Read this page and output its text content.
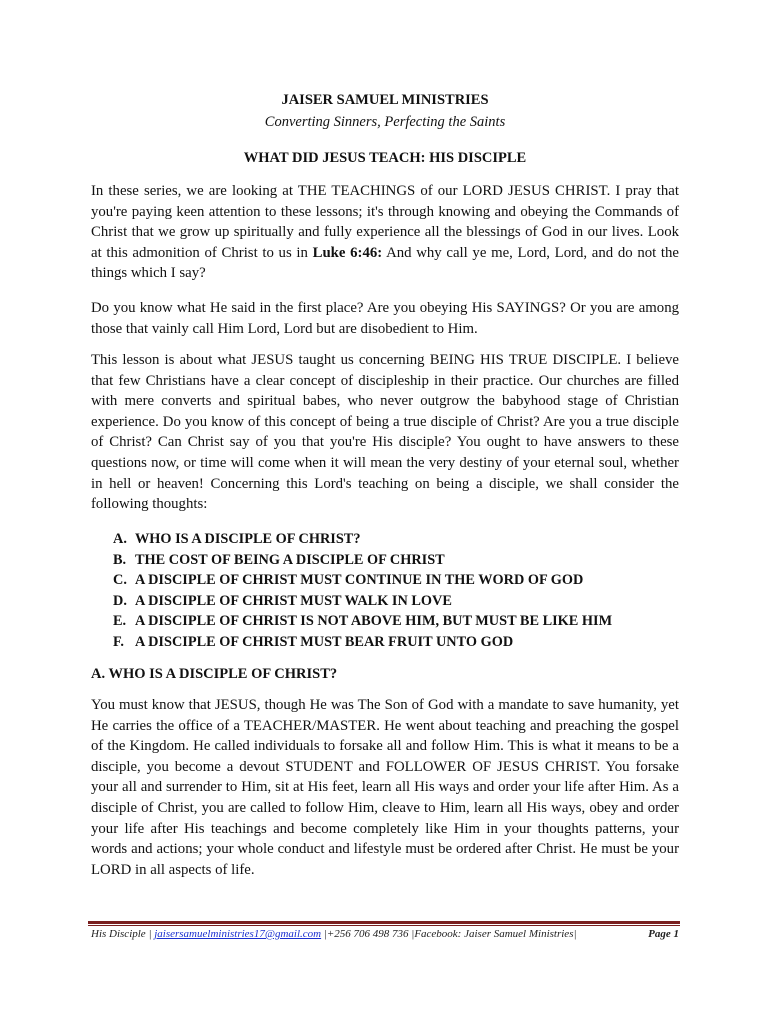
JAISER SAMUEL MINISTRIES
Converting Sinners, Perfecting the Saints
WHAT DID JESUS TEACH: HIS DISCIPLE

In these series, we are looking at THE TEACHINGS of our LORD JESUS CHRIST. I pray that you're paying keen attention to these lessons; it's through knowing and obeying the Commands of Christ that we grow up spiritually and fully experience all the blessings of God in our lives. Look at this admonition of Christ to us in Luke 6:46: And why call ye me, Lord, Lord, and do not the things which I say?

Do you know what He said in the first place? Are you obeying His SAYINGS? Or you are among those that vainly call Him Lord, Lord but are disobedient to Him.

This lesson is about what JESUS taught us concerning BEING HIS TRUE DISCIPLE. I believe that few Christians have a clear concept of discipleship in their practice. Our churches are filled with mere converts and spiritual babes, who never outgrow the babyhood stage of Christian experience. Do you know of this concept of being a true disciple of Christ? Are you a true disciple of Christ? Can Christ say of you that you're His disciple? You ought to have answers to these questions now, or time will come when it will mean the very destiny of your eternal soul, whether in hell or heaven! Concerning this Lord's teaching on being a disciple, we shall consider the following thoughts:

A. WHO IS A DISCIPLE OF CHRIST?
B. THE COST OF BEING A DISCIPLE OF CHRIST
C. A DISCIPLE OF CHRIST MUST CONTINUE IN THE WORD OF GOD
D. A DISCIPLE OF CHRIST MUST WALK IN LOVE
E. A DISCIPLE OF CHRIST IS NOT ABOVE HIM, BUT MUST BE LIKE HIM
F. A DISCIPLE OF CHRIST MUST BEAR FRUIT UNTO GOD
A. WHO IS A DISCIPLE OF CHRIST?

You must know that JESUS, though He was The Son of God with a mandate to save humanity, yet He carries the office of a TEACHER/MASTER. He went about teaching and preaching the gospel of the Kingdom. He called individuals to forsake all and follow Him. This is what it means to be a disciple, you become a devout STUDENT and FOLLOWER OF JESUS CHRIST. You forsake your all and surrender to Him, sit at His feet, learn all His ways and order your life after Him. As a disciple of Christ, you are called to follow Him, cleave to Him, learn all His ways, obey and order your life after His teachings and become completely like Him in your thoughts patterns, your words and actions; your whole conduct and lifestyle must be ordered after Christ. He must be your LORD in all aspects of life.

His Disciple | jaisersamuelministries17@gmail.com |+256 706 498 736 |Facebook: Jaiser Samuel Ministries|	Page 1
